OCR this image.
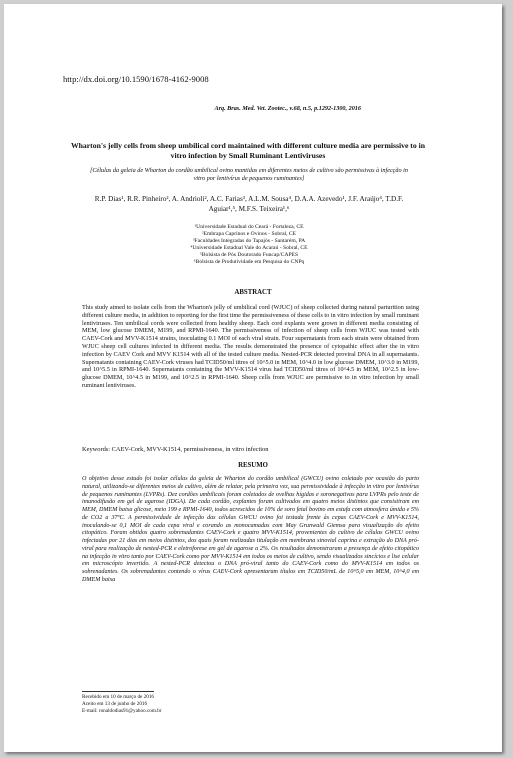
http://dx.doi.org/10.1590/1678-4162-9008
Arq. Bras. Med. Vet. Zootec., v.68, n.5, p.1292-1300, 2016
Wharton's jelly cells from sheep umbilical cord maintained with different culture media are permissive to in vitro infection by Small Ruminant Lentiviruses
[Células da geleia de Wharton do cordão umbilical ovino mantidas em diferentes meios de cultivo são permissivas à infecção in vitro por lentivírus de pequenos ruminantes]
R.P. Dias¹, R.R. Pinheiro², A. Andrioli², A.C. Farias³, A.L.M. Sousa⁴, D.A.A. Azevedo¹, J.F. Araújo⁴, T.D.F. Aguiar¹,⁵, M.F.S. Teixeira¹,⁶
¹Universidade Estadual do Ceará - Fortaleza, CE
²Embrapa Caprinos e Ovinos - Sobral, CE
³Faculdades Integradas do Tapajós - Santarém, PA
⁴Universidade Estadual Vale do Acaraú - Sobral, CE
⁵Bolsista de Pós Doutorado Funcap/CAPES
⁶Bolsista de Produtividade em Pesquisa do CNPq
ABSTRACT
This study aimed to isolate cells from the Wharton's jelly of umbilical cord (WJUC) of sheep collected during natural parturition using different culture media, in addition to reporting for the first time the permissiveness of these cells to in vitro infection by small ruminant lentiviruses. Ten umbilical cords were collected from healthy sheep. Each cord explants were grown in different media consisting of MEM, low glucose DMEM, M199, and RPMI-1640. The permissiveness of infection of sheep cells from WJUC was tested with CAEV-Cork and MVV-K1514 strains, inoculating 0.1 MOI of each viral strain. Four supernatants from each strain were obtained from WJUC sheep cell cultures infected in different media. The results demonstrated the presence of cytopathic effect after the in vitro infection by CAEV Cork and MVV K1514 with all of the tested culture media. Nested-PCR detected proviral DNA in all supernatants. Supernatants containing CAEV-Cork viruses had TCID50/ml titres of 10^5.0 in MEM, 10^4.0 in low glucose DMEM, 10^3.0 in M199, and 10^5.5 in RPMI-1640. Supernatants containing the MVV-K1514 virus had TCID50/ml titres of 10^4.5 in MEM, 10^2.5 in low-glucose DMEM, 10^4.5 in M199, and 10^2.5 in RPMI-1640. Sheep cells from WJUC are permissive to in vitro infection by small ruminant lentiviruses.
Keywords: CAEV-Cork, MVV-K1514, permissiveness, in vitro infection
RESUMO
O objetivo desse estudo foi isolar células da geleia de Wharton do cordão umbilical (GWCU) ovino coletado por ocasião do parto natural, utilizando-se diferentes meios de cultivo, além de relatar, pela primeira vez, sua permissividade à infecção in vitro por lentivírus de pequenos ruminantes (LVPRs). Dez cordões umbilicais foram coletados de ovelhas hígidas e soronegativas para LVPRs pelo teste de imunodifusão em gel de agarose (IDGA). De cada cordão, explantes foram cultivados em quatro meios distintos que consistiram em MEM, DMEM baixa glicose, meio 199 e RPMI-1640, todos acrescidos de 10% de soro fetal bovino em estufa com atmosfera úmida e 5% de CO2 a 37ºC. A permissividade de infecção das células GWCU ovino foi testada frente às cepas CAEV-Cork e MVV-K1514, inoculando-se 0,1 MOI de cada cepa viral e corando as monocamadas com May Grunwald Giemsa para visualização do efeito citopático. Foram obtidos quatro sobrenadantes CAEV-Cork e quatro MVV-K1514, provenientes do cultivo de células GWCU ovino infectadas por 21 dias em meios distintos, dos quais foram realizadas titulação em membrana sinovial caprina e extração do DNA pró-viral para realização de nested-PCR e eletroforese em gel de agarose a 2%. Os resultados demonstraram a presença de efeito citopático na infecção in vitro tanto por CAEV-Cork como por MVV-K1514 em todos os meios de cultivo, sendo visualizados sincícios e lise celular em microscópio invertido. A nested-PCR detectou o DNA pró-viral tanto do CAEV-Cork como do MVV-K1514 em todos os sobrenadantes. Os sobrenadantes contendo o vírus CAEV-Cork apresentaram títulos em TCID50/mL de 10^5,0 em MEM, 10^4,0 em DMEM baixa
Recebido em 10 de março de 2016
Aceito em 13 de junho de 2016
E-mail: ronaldodias91@yahoo.com.br
